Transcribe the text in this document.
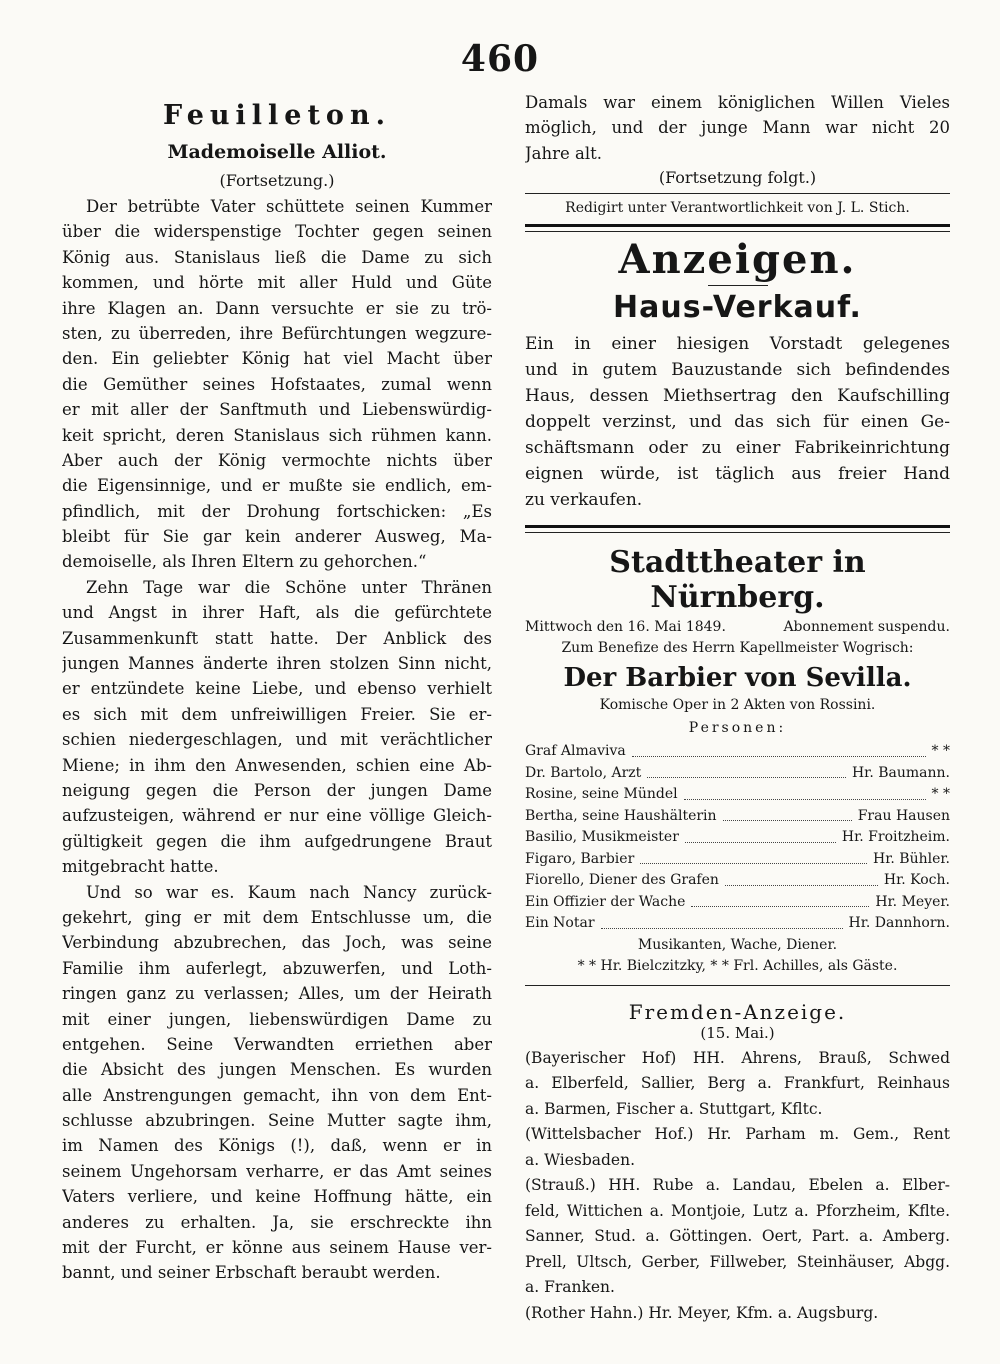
460
Feuilleton.
Mademoiselle Alliot.
(Fortsetzung.)
Der betrübte Vater schüttete seinen Kummer
über die widerspenstige Tochter gegen seinen
König aus. Stanislaus ließ die Dame zu sich
kommen, und hörte mit aller Huld und Güte
ihre Klagen an. Dann versuchte er sie zu trö-
sten, zu überreden, ihre Befürchtungen wegzure-
den. Ein geliebter König hat viel Macht über
die Gemüther seines Hofstaates, zumal wenn
er mit aller der Sanftmuth und Liebenswürdig-
keit spricht, deren Stanislaus sich rühmen kann.
Aber auch der König vermochte nichts über
die Eigensinnige, und er mußte sie endlich, em-
pfindlich, mit der Drohung fortschicken: „Es
bleibt für Sie gar kein anderer Ausweg, Ma-
demoiselle, als Ihren Eltern zu gehorchen.“
Zehn Tage war die Schöne unter Thränen
und Angst in ihrer Haft, als die gefürchtete
Zusammenkunft statt hatte. Der Anblick des
jungen Mannes änderte ihren stolzen Sinn nicht,
er entzündete keine Liebe, und ebenso verhielt
es sich mit dem unfreiwilligen Freier. Sie er-
schien niedergeschlagen, und mit verächtlicher
Miene; in ihm den Anwesenden, schien eine Ab-
neigung gegen die Person der jungen Dame
aufzusteigen, während er nur eine völlige Gleich-
gültigkeit gegen die ihm aufgedrungene Braut
mitgebracht hatte.
Und so war es. Kaum nach Nancy zurück-
gekehrt, ging er mit dem Entschlusse um, die
Verbindung abzubrechen, das Joch, was seine
Familie ihm auferlegt, abzuwerfen, und Loth-
ringen ganz zu verlassen; Alles, um der Heirath
mit einer jungen, liebenswürdigen Dame zu
entgehen. Seine Verwandten erriethen aber
die Absicht des jungen Menschen. Es wurden
alle Anstrengungen gemacht, ihn von dem Ent-
schlusse abzubringen. Seine Mutter sagte ihm,
im Namen des Königs (!), daß, wenn er in
seinem Ungehorsam verharre, er das Amt seines
Vaters verliere, und keine Hoffnung hätte, ein
anderes zu erhalten. Ja, sie erschreckte ihn
mit der Furcht, er könne aus seinem Hause ver-
bannt, und seiner Erbschaft beraubt werden.
Damals war einem königlichen Willen Vieles
möglich, und der junge Mann war nicht 20
Jahre alt.
(Fortsetzung folgt.)
Redigirt unter Verantwortlichkeit von J. L. Stich.
Anzeigen.
Haus-Verkauf.
Ein in einer hiesigen Vorstadt gelegenes
und in gutem Bauzustande sich befindendes
Haus, dessen Miethsertrag den Kaufschilling
doppelt verzinst, und das sich für einen Ge-
schäftsmann oder zu einer Fabrikeinrichtung
eignen würde, ist täglich aus freier Hand
zu verkaufen.
Stadttheater in Nürnberg.
Mittwoch den 16. Mai 1849.	Abonnement suspendu.
Zum Benefize des Herrn Kapellmeister Wogrisch:
Der Barbier von Sevilla.
Komische Oper in 2 Akten von Rossini.
Personen:
Graf Almaviva	* *
Dr. Bartolo, Arzt	Hr. Baumann.
Rosine, seine Mündel	* *
Bertha, seine Haushälterin	Frau Hausen
Basilio, Musikmeister	Hr. Froitzheim.
Figaro, Barbier	Hr. Bühler.
Fiorello, Diener des Grafen	Hr. Koch.
Ein Offizier der Wache	Hr. Meyer.
Ein Notar	Hr. Dannhorn.
Musikanten, Wache, Diener.
* * Hr. Bielczitzky, * * Frl. Achilles, als Gäste.
Fremden-Anzeige.
(15. Mai.)
(Bayerischer Hof) HH. Ahrens, Brauß, Schwed
a. Elberfeld, Sallier, Berg a. Frankfurt, Reinhaus
a. Barmen, Fischer a. Stuttgart, Kfltc.
(Wittelsbacher Hof.) Hr. Parham m. Gem., Rent
a. Wiesbaden.
(Strauß.) HH. Rube a. Landau, Ebelen a. Elber-
feld, Wittichen a. Montjoie, Lutz a. Pforzheim, Kflte.
Sanner, Stud. a. Göttingen. Oert, Part. a. Amberg.
Prell, Ultsch, Gerber, Fillweber, Steinhäuser, Abgg.
a. Franken.
(Rother Hahn.) Hr. Meyer, Kfm. a. Augsburg.
